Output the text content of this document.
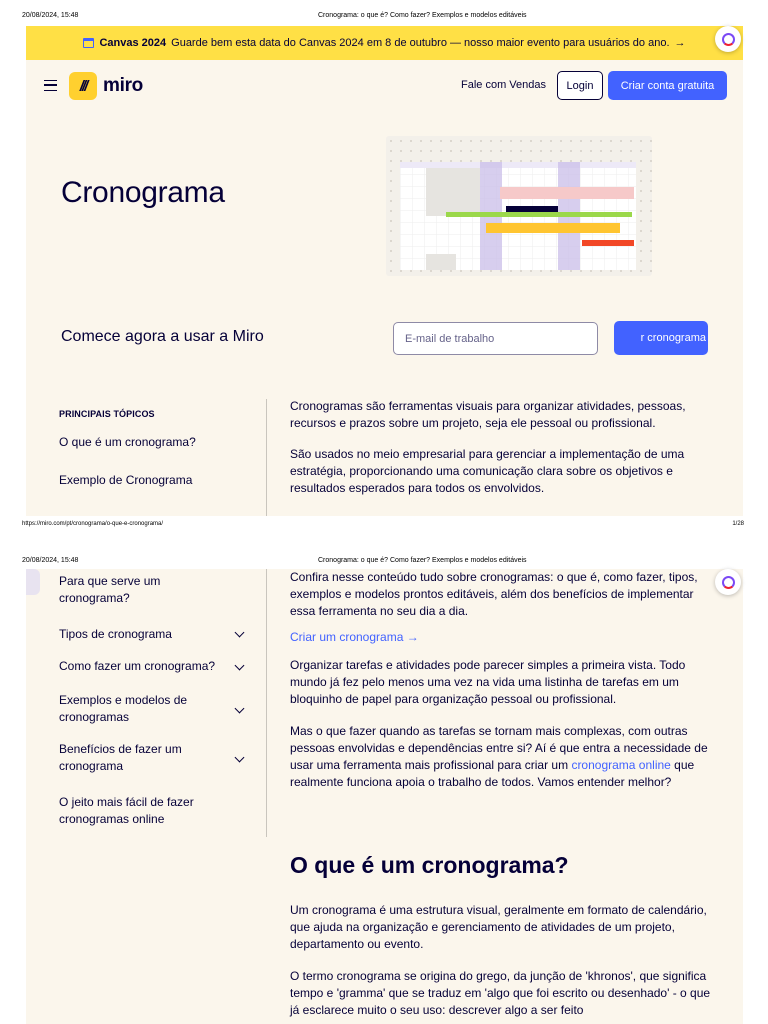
20/08/2024, 15:48	Cronograma: o que é? Como fazer? Exemplos e modelos editáveis
Canvas 2024 Guarde bem esta data do Canvas 2024 em 8 de outubro — nosso maior evento para usuários do ano. →
/// miro	Fale com Vendas	Login	Criar conta gratuita
Cronograma
Comece agora a usar a Miro	E-mail de trabalho	r cronograma
PRINCIPAIS TÓPICOS
O que é um cronograma?
Exemplo de Cronograma
Cronogramas são ferramentas visuais para organizar atividades, pessoas, recursos e prazos sobre um projeto, seja ele pessoal ou profissional.
São usados no meio empresarial para gerenciar a implementação de uma estratégia, proporcionando uma comunicação clara sobre os objetivos e resultados esperados para todos os envolvidos.
https://miro.com/pt/cronograma/o-que-e-cronograma/	1/28
20/08/2024, 15:48	Cronograma: o que é? Como fazer? Exemplos e modelos editáveis
Para que serve um cronograma?
Tipos de cronograma
Como fazer um cronograma?
Exemplos e modelos de cronogramas
Benefícios de fazer um cronograma
O jeito mais fácil de fazer cronogramas online
Confira nesse conteúdo tudo sobre cronogramas: o que é, como fazer, tipos, exemplos e modelos prontos editáveis, além dos benefícios de implementar essa ferramenta no seu dia a dia.
Criar um cronograma →
Organizar tarefas e atividades pode parecer simples a primeira vista. Todo mundo já fez pelo menos uma vez na vida uma listinha de tarefas em um bloquinho de papel para organização pessoal ou profissional.
Mas o que fazer quando as tarefas se tornam mais complexas, com outras pessoas envolvidas e dependências entre si? Aí é que entra a necessidade de usar uma ferramenta mais profissional para criar um cronograma online que realmente funciona apoia o trabalho de todos. Vamos entender melhor?
O que é um cronograma?
Um cronograma é uma estrutura visual, geralmente em formato de calendário, que ajuda na organização e gerenciamento de atividades de um projeto, departamento ou evento.
O termo cronograma se origina do grego, da junção de 'khronos', que significa tempo e 'gramma' que se traduz em 'algo que foi escrito ou desenhado' - o que já esclarece muito o seu uso: descrever algo a ser feito
